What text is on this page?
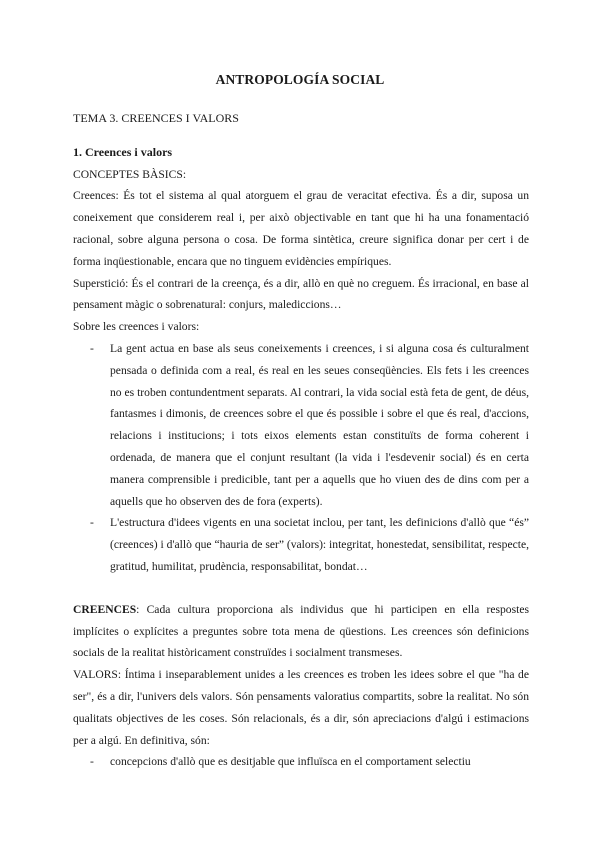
ANTROPOLOGÍA SOCIAL

TEMA 3. CREENCES I VALORS

1. Creences i valors

CONCEPTES BÀSICS:

Creences: És tot el sistema al qual atorguem el grau de veracitat efectiva. És a dir, suposa un coneixement que considerem real i, per això objectivable en tant que hi ha una fonamentació racional, sobre alguna persona o cosa. De forma sintètica, creure significa donar per cert i de forma inqüestionable, encara que no tinguem evidències empíriques.

Superstició: És el contrari de la creença, és a dir, allò en què no creguem. És irracional, en base al pensament màgic o sobrenatural: conjurs, malediccions…

Sobre les creences i valors:

- La gent actua en base als seus coneixements i creences, i si alguna cosa és culturalment pensada o definida com a real, és real en les seues conseqüències. Els fets i les creences no es troben contundentment separats. Al contrari, la vida social està feta de gent, de déus, fantasmes i dimonis, de creences sobre el que és possible i sobre el que és real, d'accions, relacions i institucions; i tots eixos elements estan constituïts de forma coherent i ordenada, de manera que el conjunt resultant (la vida i l'esdevenir social) és en certa manera comprensible i predicible, tant per a aquells que ho viuen des de dins com per a aquells que ho observen des de fora (experts).
- L'estructura d'idees vigents en una societat inclou, per tant, les definicions d'allò que “és” (creences) i d'allò que “hauria de ser” (valors): integritat, honestedat, sensibilitat, respecte, gratitud, humilitat, prudència, responsabilitat, bondat…

CREENCES: Cada cultura proporciona als individus que hi participen en ella respostes implícites o explícites a preguntes sobre tota mena de qüestions. Les creences són definicions socials de la realitat històricament construïdes i socialment transmeses.

VALORS: Íntima i inseparablement unides a les creences es troben les idees sobre el que "ha de ser", és a dir, l'univers dels valors. Són pensaments valoratius compartits, sobre la realitat. No són qualitats objectives de les coses. Són relacionals, és a dir, són apreciacions d'algú i estimacions per a algú. En definitiva, són:

- concepcions d'allò que es desitjable que influïsca en el comportament selectiu
